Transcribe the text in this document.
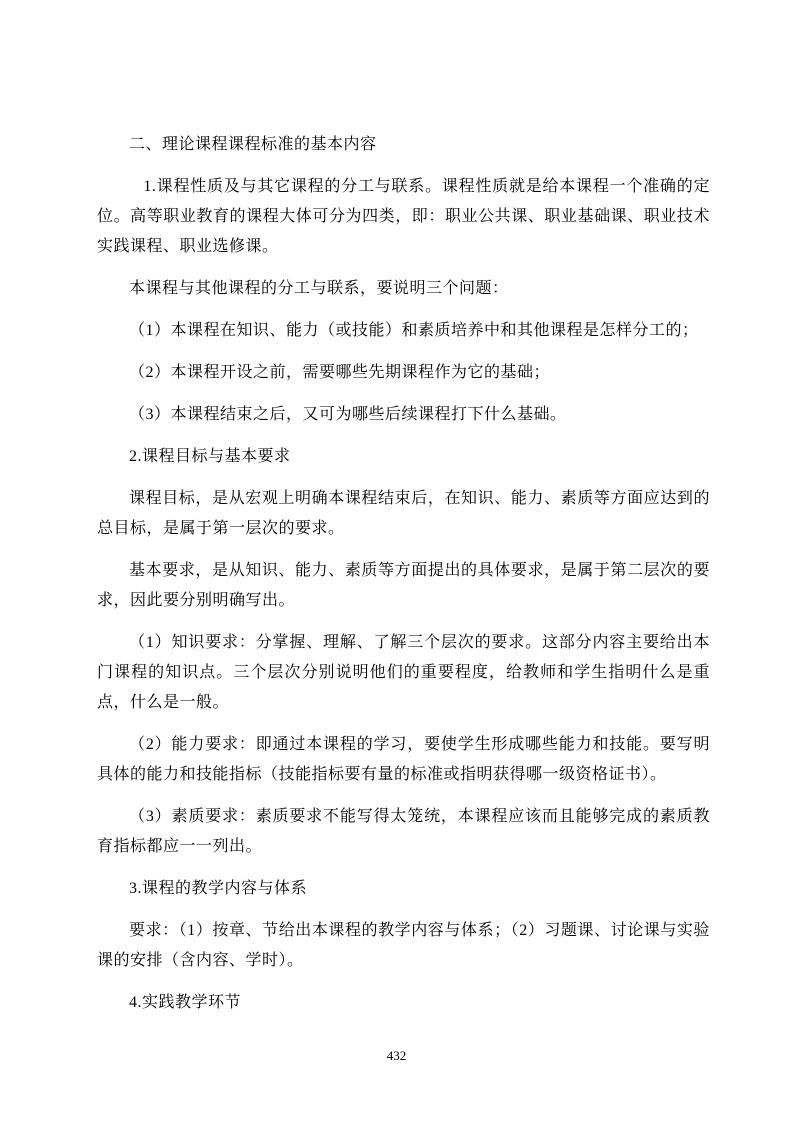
二、理论课程课程标准的基本内容

1.课程性质及与其它课程的分工与联系。课程性质就是给本课程一个准确的定位。高等职业教育的课程大体可分为四类，即：职业公共课、职业基础课、职业技术实践课程、职业选修课。

本课程与其他课程的分工与联系，要说明三个问题：

（1）本课程在知识、能力（或技能）和素质培养中和其他课程是怎样分工的；

（2）本课程开设之前，需要哪些先期课程作为它的基础；

（3）本课程结束之后，又可为哪些后续课程打下什么基础。

2.课程目标与基本要求

课程目标，是从宏观上明确本课程结束后，在知识、能力、素质等方面应达到的总目标，是属于第一层次的要求。

基本要求，是从知识、能力、素质等方面提出的具体要求，是属于第二层次的要求，因此要分别明确写出。

（1）知识要求：分掌握、理解、了解三个层次的要求。这部分内容主要给出本门课程的知识点。三个层次分别说明他们的重要程度，给教师和学生指明什么是重点，什么是一般。

（2）能力要求：即通过本课程的学习，要使学生形成哪些能力和技能。要写明具体的能力和技能指标（技能指标要有量的标准或指明获得哪一级资格证书）。

（3）素质要求：素质要求不能写得太笼统，本课程应该而且能够完成的素质教育指标都应一一列出。

3.课程的教学内容与体系

要求：（1）按章、节给出本课程的教学内容与体系；（2）习题课、讨论课与实验课的安排（含内容、学时）。

4.实践教学环节

432
